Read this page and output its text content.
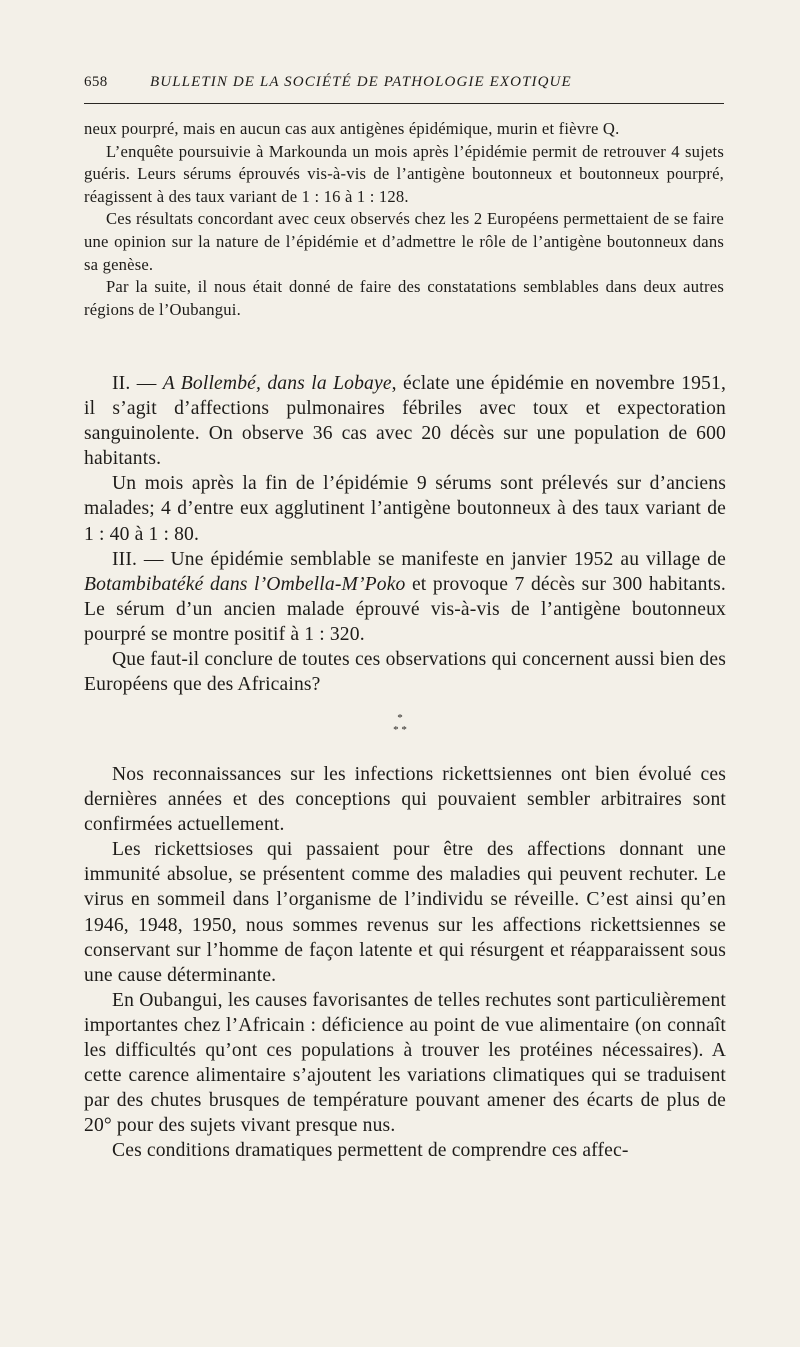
658	BULLETIN DE LA SOCIÉTÉ DE PATHOLOGIE EXOTIQUE

neux pourpré, mais en aucun cas aux antigènes épidémique, murin et fièvre Q.

L’enquête poursuivie à Markounda un mois après l’épidémie permit de retrouver 4 sujets guéris. Leurs sérums éprouvés vis-à-vis de l’antigène boutonneux et boutonneux pourpré, réagissent à des taux variant de 1 : 16 à 1 : 128.

Ces résultats concordant avec ceux observés chez les 2 Européens permettaient de se faire une opinion sur la nature de l’épidémie et d’admettre le rôle de l’antigène boutonneux dans sa genèse.

Par la suite, il nous était donné de faire des constatations semblables dans deux autres régions de l’Oubangui.

II. — A Bollembé, dans la Lobaye, éclate une épidémie en novembre 1951, il s’agit d’affections pulmonaires fébriles avec toux et expectoration sanguinolente. On observe 36 cas avec 20 décès sur une population de 600 habitants.

Un mois après la fin de l’épidémie 9 sérums sont prélevés sur d’anciens malades; 4 d’entre eux agglutinent l’antigène boutonneux à des taux variant de 1 : 40 à 1 : 80.

III. — Une épidémie semblable se manifeste en janvier 1952 au village de Botambibatéké dans l’Ombella-M’Poko et provoque 7 décès sur 300 habitants. Le sérum d’un ancien malade éprouvé vis-à-vis de l’antigène boutonneux pourpré se montre positif à 1 : 320.

Que faut-il conclure de toutes ces observations qui concernent aussi bien des Européens que des Africains?

*
* *

Nos reconnaissances sur les infections rickettsiennes ont bien évolué ces dernières années et des conceptions qui pouvaient sembler arbitraires sont confirmées actuellement.

Les rickettsioses qui passaient pour être des affections donnant une immunité absolue, se présentent comme des maladies qui peuvent rechuter. Le virus en sommeil dans l’organisme de l’individu se réveille. C’est ainsi qu’en 1946, 1948, 1950, nous sommes revenus sur les affections rickettsiennes se conservant sur l’homme de façon latente et qui résurgent et réapparaissent sous une cause déterminante.

En Oubangui, les causes favorisantes de telles rechutes sont particulièrement importantes chez l’Africain : déficience au point de vue alimentaire (on connaît les difficultés qu’ont ces populations à trouver les protéines nécessaires). A cette carence alimentaire s’ajoutent les variations climatiques qui se traduisent par des chutes brusques de température pouvant amener des écarts de plus de 20° pour des sujets vivant presque nus.

Ces conditions dramatiques permettent de comprendre ces affec-
